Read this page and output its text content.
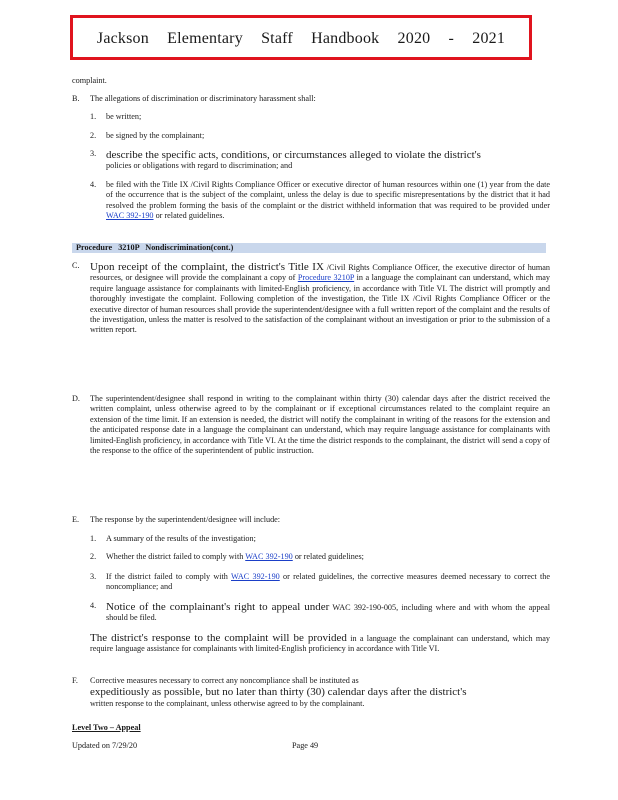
Jackson Elementary Staff Handbook 2020 - 2021
complaint.
B. The allegations of discrimination or discriminatory harassment shall:
1. be written;
2. be signed by the complainant;
3. describe the specific acts, conditions, or circumstances alleged to violate the district's
policies or obligations with regard to discrimination; and
4. be filed with the Title IX /Civil Rights Compliance Officer or executive director of human resources within one (1) year from the date of the occurrence that is the subject of the complaint, unless the delay is due to specific misrepresentations by the district that it had resolved the problem forming the basis of the complaint or the district withheld information that was required to be provided under WAC 392-190 or related guidelines.
Procedure   3210P   Nondiscrimination(cont.)
C. Upon receipt of the complaint, the district's Title IX /Civil Rights Compliance Officer, the executive director of human resources, or designee will provide the complainant a copy of Procedure 3210P in a language the complainant can understand, which may require language assistance for complainants with limited-English proficiency, in accordance with Title VI. The district will promptly and thoroughly investigate the complaint. Following completion of the investigation, the Title IX /Civil Rights Compliance Officer or the executive director of human resources shall provide the superintendent/designee with a full written report of the complaint and the results of the investigation, unless the matter is resolved to the satisfaction of the complainant without an investigation or prior to the submission of a written report.
D. The superintendent/designee shall respond in writing to the complainant within thirty (30) calendar days after the district received the written complaint, unless otherwise agreed to by the complainant or if exceptional circumstances related to the complaint require an extension of the time limit. If an extension is needed, the district will notify the complainant in writing of the reasons for the extension and the anticipated response date in a language the complainant can understand, which may require language assistance for complainants with limited-English proficiency, in accordance with Title VI. At the time the district responds to the complainant, the district will send a copy of the response to the office of the superintendent of public instruction.
E. The response by the superintendent/designee will include:
1. A summary of the results of the investigation;
2. Whether the district failed to comply with WAC 392-190 or related guidelines;
3. If the district failed to comply with WAC 392-190 or related guidelines, the corrective measures deemed necessary to correct the noncompliance; and
4. Notice of the complainant's right to appeal under WAC 392-190-005, including where and with whom the appeal should be filed.
The district's response to the complaint will be provided in a language the complainant can understand, which may require language assistance for complainants with limited-English proficiency in accordance with Title VI.
F. Corrective measures necessary to correct any noncompliance shall be instituted as
expeditiously as possible, but no later than thirty (30) calendar days after the district's
written response to the complainant, unless otherwise agreed to by the complainant.
Level Two – Appeal
Updated on 7/29/20	Page 49
